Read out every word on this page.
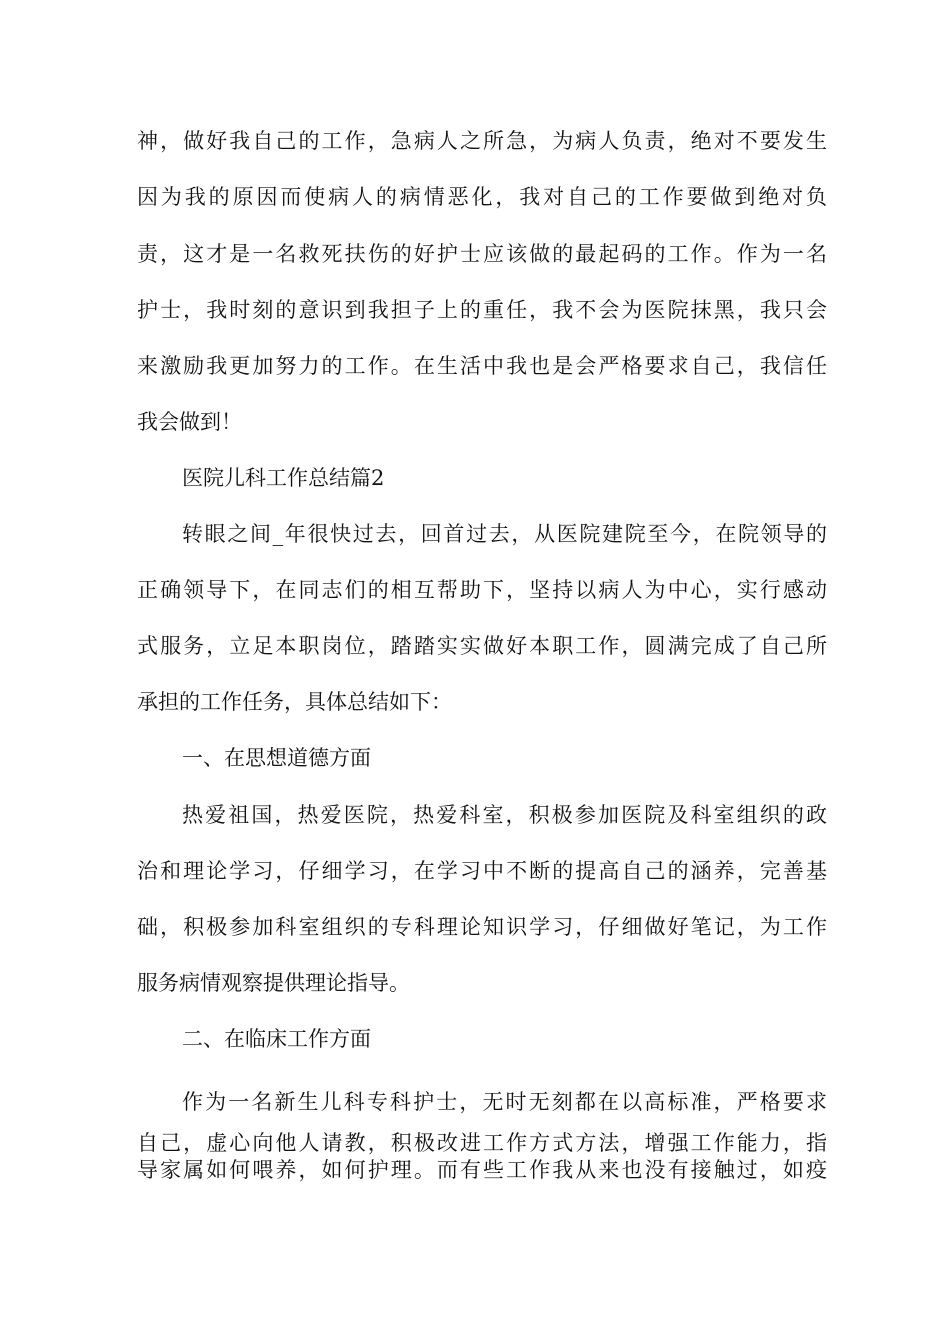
神，做好我自己的工作，急病人之所急，为病人负责，绝对不要发生
因为我的原因而使病人的病情恶化，我对自己的工作要做到绝对负
责，这才是一名救死扶伤的好护士应该做的最起码的工作。作为一名
护士，我时刻的意识到我担子上的重任，我不会为医院抹黑，我只会
来激励我更加努力的工作。在生活中我也是会严格要求自己，我信任
我会做到！
医院儿科工作总结篇2
转眼之间_年很快过去，回首过去，从医院建院至今，在院领导的
正确领导下，在同志们的相互帮助下，坚持以病人为中心，实行感动
式服务，立足本职岗位，踏踏实实做好本职工作，圆满完成了自己所
承担的工作任务，具体总结如下：
一、在思想道德方面
热爱祖国，热爱医院，热爱科室，积极参加医院及科室组织的政
治和理论学习，仔细学习，在学习中不断的提高自己的涵养，完善基
础，积极参加科室组织的专科理论知识学习，仔细做好笔记，为工作
服务病情观察提供理论指导。
二、在临床工作方面
作为一名新生儿科专科护士，无时无刻都在以高标准，严格要求
自己，虚心向他人请教，积极改进工作方式方法，增强工作能力，指
导家属如何喂养，如何护理。而有些工作我从来也没有接触过，如疫
